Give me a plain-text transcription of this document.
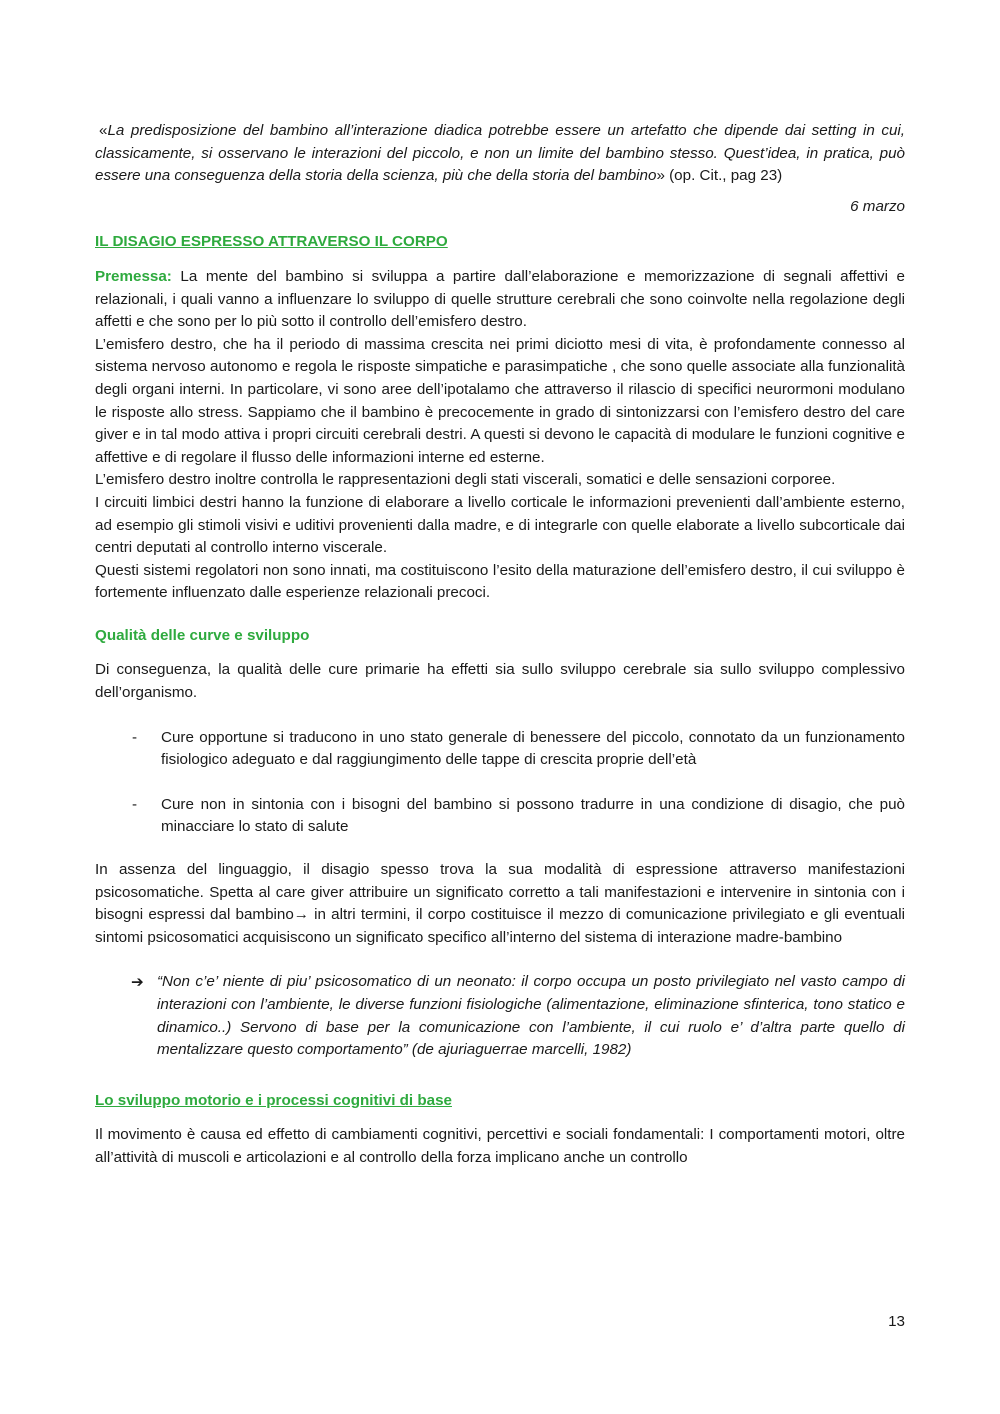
«La predisposizione del bambino all’interazione diadica potrebbe essere un artefatto che dipende dai setting in cui, classicamente, si osservano le interazioni del piccolo, e non un limite del bambino stesso. Quest’idea, in pratica, può essere una conseguenza della storia della scienza, più che della storia del bambino» (op. Cit., pag 23)

6 marzo

IL DISAGIO ESPRESSO ATTRAVERSO IL CORPO

Premessa: La mente del bambino si sviluppa a partire dall’elaborazione e memorizzazione di segnali affettivi e relazionali, i quali vanno a influenzare lo sviluppo di quelle strutture cerebrali che sono coinvolte nella regolazione degli affetti e che sono per lo più sotto il controllo dell’emisfero destro.

L’emisfero destro, che ha il periodo di massima crescita nei primi diciotto mesi di vita, è profondamente connesso al sistema nervoso autonomo e regola le risposte simpatiche e parasimpatiche , che sono quelle associate alla funzionalità degli organi interni. In particolare, vi sono aree dell’ipotalamo che attraverso il rilascio di specifici neurormoni modulano le risposte allo stress. Sappiamo che il bambino è precocemente in grado di sintonizzarsi con l’emisfero destro del care giver e in tal modo attiva i propri circuiti cerebrali destri. A questi si devono le capacità di modulare le funzioni cognitive e affettive e di regolare il flusso delle informazioni interne ed esterne.

L’emisfero destro inoltre controlla le rappresentazioni degli stati viscerali, somatici e delle sensazioni corporee.

I circuiti limbici destri hanno la funzione di elaborare a livello corticale le informazioni prevenienti dall’ambiente esterno, ad esempio gli stimoli visivi e uditivi provenienti dalla madre, e di integrarle con quelle elaborate a livello subcorticale dai centri deputati al controllo interno viscerale.

Questi sistemi regolatori non sono innati, ma costituiscono l’esito della maturazione dell’emisfero destro, il cui sviluppo è fortemente influenzato dalle esperienze relazionali precoci.

Qualità delle curve e sviluppo

Di conseguenza, la qualità delle cure primarie ha effetti sia sullo sviluppo cerebrale sia sullo sviluppo complessivo dell’organismo.

- Cure opportune si traducono in uno stato generale di benessere del piccolo, connotato da un funzionamento fisiologico adeguato e dal raggiungimento delle tappe di crescita proprie dell’età
- Cure non in sintonia con i bisogni del bambino si possono tradurre in una condizione di disagio, che può minacciare lo stato di salute

In assenza del linguaggio, il disagio spesso trova la sua modalità di espressione attraverso manifestazioni psicosomatiche. Spetta al care giver attribuire un significato corretto a tali manifestazioni e intervenire in sintonia con i bisogni espressi dal bambino→ in altri termini, il corpo costituisce il mezzo di comunicazione privilegiato e gli eventuali sintomi psicosomatici acquisiscono un significato specifico all’interno del sistema di interazione madre-bambino

➔ “Non c’e’ niente di piu’ psicosomatico di un neonato: il corpo occupa un posto privilegiato nel vasto campo di interazioni con l’ambiente, le diverse funzioni fisiologiche (alimentazione, eliminazione sfinterica, tono statico e dinamico..) Servono di base per la comunicazione con l’ambiente, il cui ruolo e’ d’altra parte quello di mentalizzare questo comportamento” (de ajuriaguerrae marcelli, 1982)

Lo sviluppo motorio e i processi cognitivi di base

Il movimento è causa ed effetto di cambiamenti cognitivi, percettivi e sociali fondamentali: I comportamenti motori, oltre all’attività di muscoli e articolazioni e al controllo della forza implicano anche un controllo

13
